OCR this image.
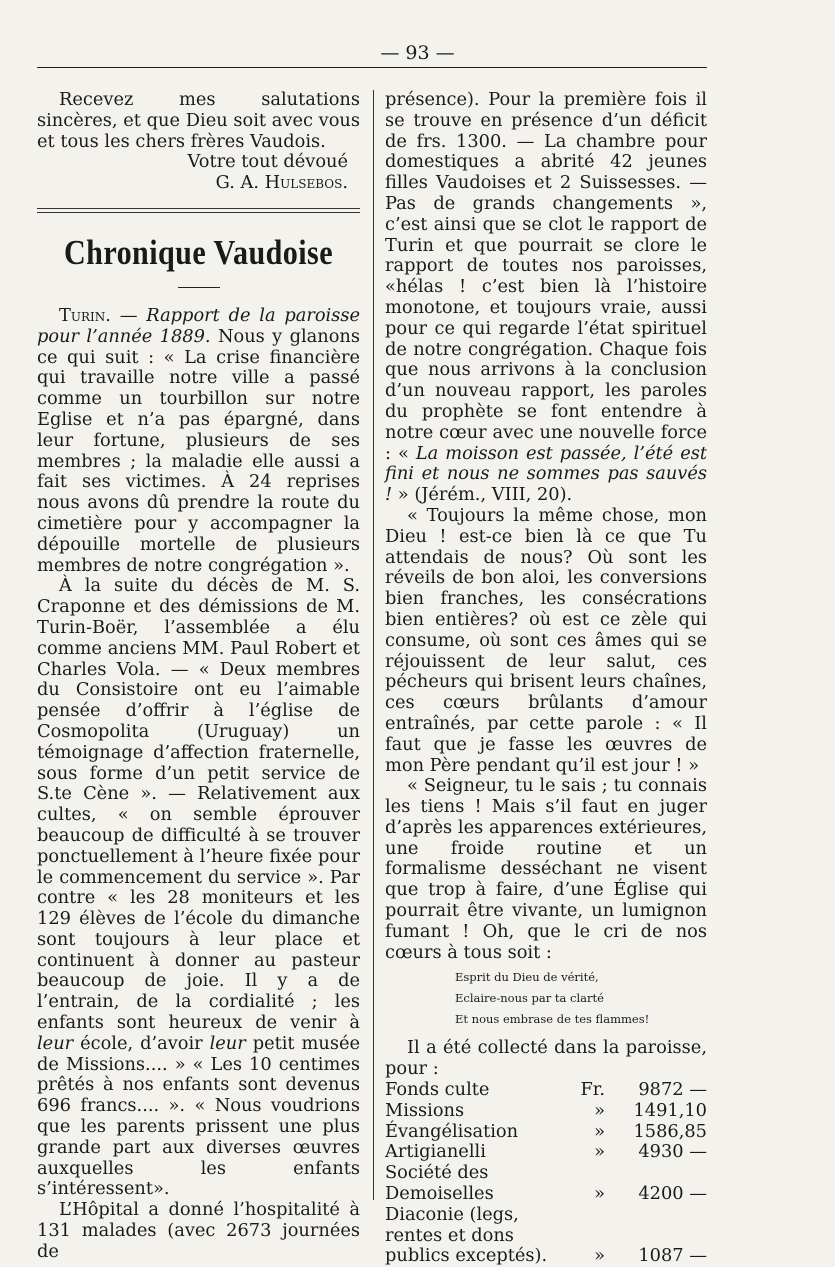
— 93 —

Recevez mes salutations sincères, et que Dieu soit avec vous et tous les chers frères Vaudois.

Votre tout dévoué

G. A. Hulsebos.

Chronique Vaudoise

Turin. — Rapport de la paroisse pour l’année 1889. Nous y glanons ce qui suit : « La crise financière qui travaille notre ville a passé comme un tourbillon sur notre Eglise et n’a pas épargné, dans leur fortune, plusieurs de ses membres ; la maladie elle aussi a fait ses victimes. À 24 reprises nous avons dû prendre la route du cimetière pour y accompagner la dépouille mortelle de plusieurs membres de notre congrégation ».

À la suite du décès de M. S. Craponne et des démissions de M. Turin-Boër, l’assemblée a élu comme anciens MM. Paul Robert et Charles Vola. — « Deux membres du Consistoire ont eu l’aimable pensée d’offrir à l’église de Cosmopolita (Uruguay) un témoignage d’affection fraternelle, sous forme d’un petit service de S.te Cène ». — Relativement aux cultes, « on semble éprouver beaucoup de difficulté à se trouver ponctuellement à l’heure fixée pour le commencement du service ». Par contre « les 28 moniteurs et les 129 élèves de l’école du dimanche sont toujours à leur place et continuent à donner au pasteur beaucoup de joie. Il y a de l’entrain, de la cordialité ; les enfants sont heureux de venir à leur école, d’avoir leur petit musée de Missions.... » « Les 10 centimes prêtés à nos enfants sont devenus 696 francs.... ». « Nous voudrions que les parents prissent une plus grande part aux diverses œuvres auxquelles les enfants s’intéressent».

L’Hôpital a donné l’hospitalité à 131 malades (avec 2673 journées de

présence). Pour la première fois il se trouve en présence d’un déficit de frs. 1300. — La chambre pour domestiques a abrité 42 jeunes filles Vaudoises et 2 Suissesses. — Pas de grands changements », c’est ainsi que se clot le rapport de Turin et que pourrait se clore le rapport de toutes nos paroisses, «hélas ! c’est bien là l’histoire monotone, et toujours vraie, aussi pour ce qui regarde l’état spirituel de notre congrégation. Chaque fois que nous arrivons à la conclusion d’un nouveau rapport, les paroles du prophète se font entendre à notre cœur avec une nouvelle force : « La moisson est passée, l’été est fini et nous ne sommes pas sauvés ! » (Jérém., VIII, 20).

« Toujours la même chose, mon Dieu ! est-ce bien là ce que Tu attendais de nous? Où sont les réveils de bon aloi, les conversions bien franches, les consécrations bien entières? où est ce zèle qui consume, où sont ces âmes qui se réjouissent de leur salut, ces pécheurs qui brisent leurs chaînes, ces cœurs brûlants d’amour entraînés, par cette parole : « Il faut que je fasse les œuvres de mon Père pendant qu’il est jour ! »

« Seigneur, tu le sais ; tu connais les tiens ! Mais s’il faut en juger d’après les apparences extérieures, une froide routine et un formalisme desséchant ne visent que trop à faire, d’une Église qui pourrait être vivante, un lumignon fumant ! Oh, que le cri de nos cœurs à tous soit :

Esprit du Dieu de vérité,
Eclaire-nous par ta clarté
Et nous embrase de tes flammes!

Il a été collecté dans la paroisse, pour :

Fonds culte	Fr.	9872 —
Missions	»	1491,10
Évangélisation	»	1586,85
Artigianelli	»	4930 —
Société des Demoiselles	»	4200 —
Diaconie (legs, rentes et dons publics exceptés).	»	1087 —
